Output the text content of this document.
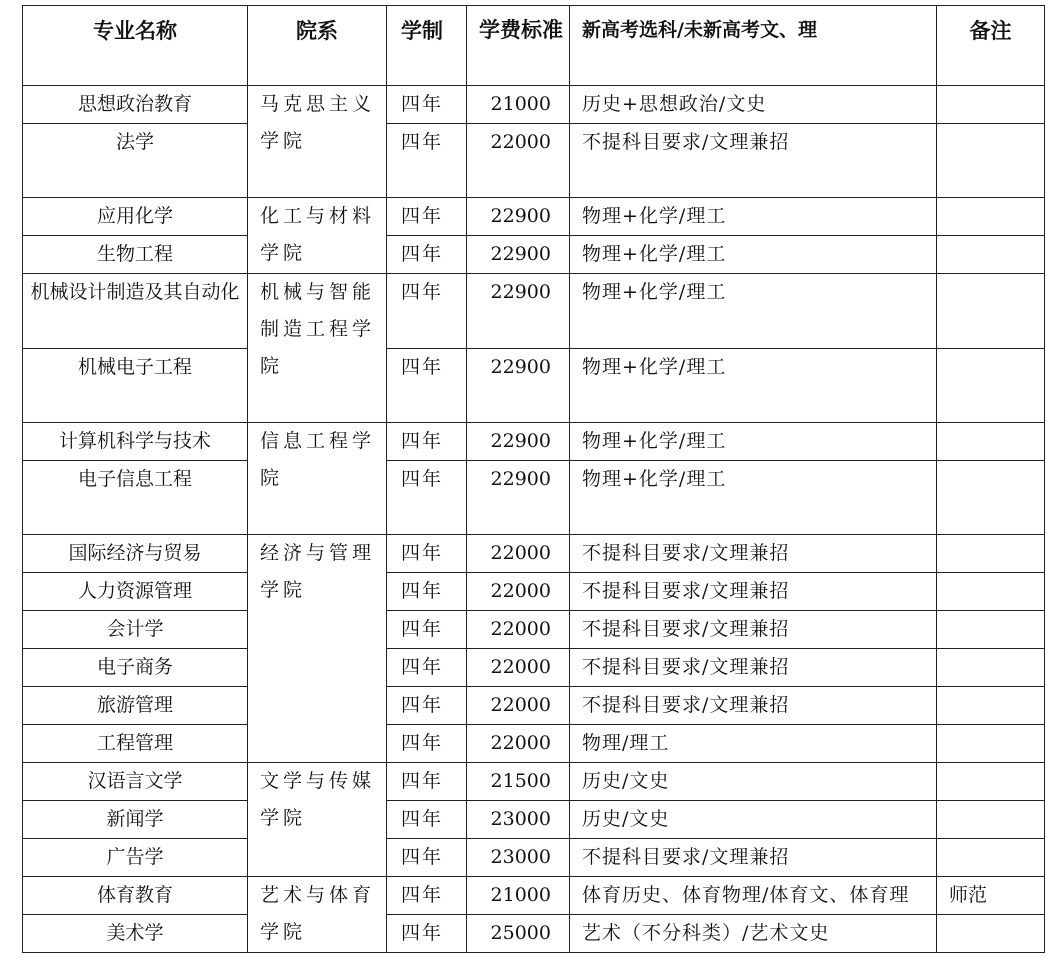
专业名称	院系	学制	学费标准	新高考选科/未新高考文、理	备注
思想政治教育	马克思主义学院	四年	21000	历史+思想政治/文史	
法学		四年	22000	不提科目要求/文理兼招	
应用化学	化工与材料学院	四年	22900	物理+化学/理工	
生物工程		四年	22900	物理+化学/理工	
机械设计制造及其自动化	机械与智能制造工程学院	四年	22900	物理+化学/理工	
机械电子工程		四年	22900	物理+化学/理工	
计算机科学与技术	信息工程学院	四年	22900	物理+化学/理工	
电子信息工程		四年	22900	物理+化学/理工	
国际经济与贸易	经济与管理学院	四年	22000	不提科目要求/文理兼招	
人力资源管理		四年	22000	不提科目要求/文理兼招	
会计学		四年	22000	不提科目要求/文理兼招	
电子商务		四年	22000	不提科目要求/文理兼招	
旅游管理		四年	22000	不提科目要求/文理兼招	
工程管理		四年	22000	物理/理工	
汉语言文学	文学与传媒学院	四年	21500	历史/文史	
新闻学		四年	23000	历史/文史	
广告学		四年	23000	不提科目要求/文理兼招	
体育教育	艺术与体育学院	四年	21000	体育历史、体育物理/体育文、体育理	师范
美术学		四年	25000	艺术（不分科类）/艺术文史	
